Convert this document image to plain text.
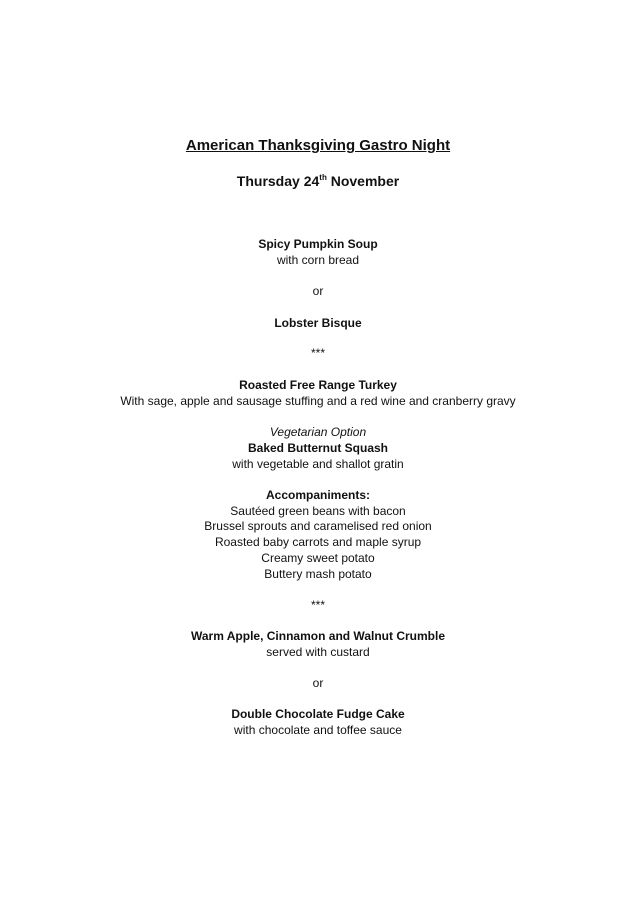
American Thanksgiving Gastro Night
Thursday 24th November
Spicy Pumpkin Soup
with corn bread
or
Lobster Bisque
***
Roasted Free Range Turkey
With sage, apple and sausage stuffing and a red wine and cranberry gravy
Vegetarian Option
Baked Butternut Squash
with vegetable and shallot gratin
Accompaniments:
Sautéed green beans with bacon
Brussel sprouts and caramelised red onion
Roasted baby carrots and maple syrup
Creamy sweet potato
Buttery mash potato
***
Warm Apple, Cinnamon and Walnut Crumble
served with custard
or
Double Chocolate Fudge Cake
with chocolate and toffee sauce
